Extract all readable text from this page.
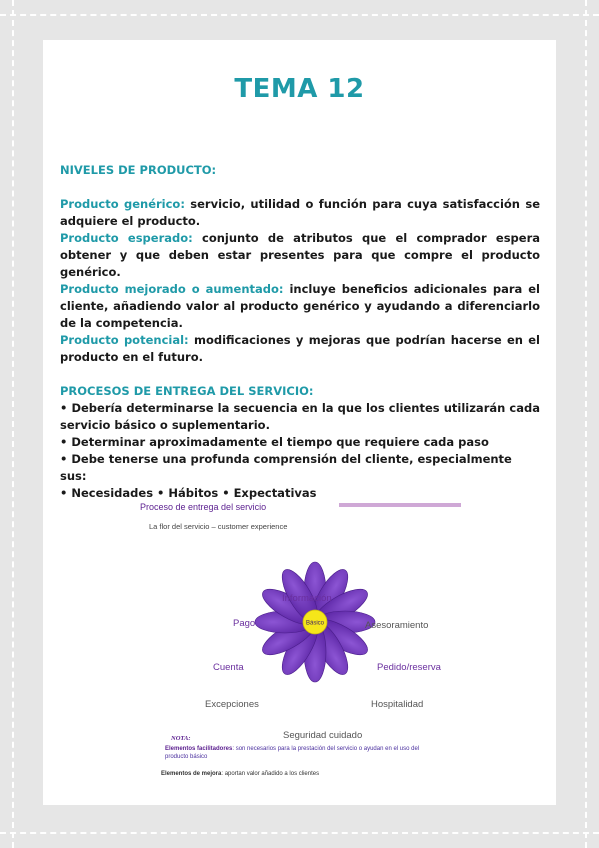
TEMA 12
NIVELES DE PRODUCTO:
Producto genérico: servicio, utilidad o función para cuya satisfacción se adquiere el producto.
Producto esperado: conjunto de atributos que el comprador espera obtener y que deben estar presentes para que compre el producto genérico.
Producto mejorado o aumentado: incluye beneficios adicionales para el cliente, añadiendo valor al producto genérico y ayudando a diferenciarlo de la competencia.
Producto potencial: modificaciones y mejoras que podrían hacerse en el producto en el futuro.
PROCESOS DE ENTREGA DEL SERVICIO:
• Debería determinarse la secuencia en la que los clientes utilizarán cada servicio básico o suplementario.
• Determinar aproximadamente el tiempo que requiere cada paso
• Debe tenerse una profunda comprensión del cliente, especialmente sus:
• Necesidades • Hábitos • Expectativas
Proceso de entrega del servicio
La flor del servicio – customer experience
Básico
Información
Asesoramiento
Pago
Cuenta	Pedido/reserva
Excepciones	Hospitalidad
Seguridad cuidado
NOTA:
Elementos facilitadores: son necesarios para la prestación del servicio o ayudan en el uso del producto básico
Elementos de mejora: aportan valor añadido a los clientes
